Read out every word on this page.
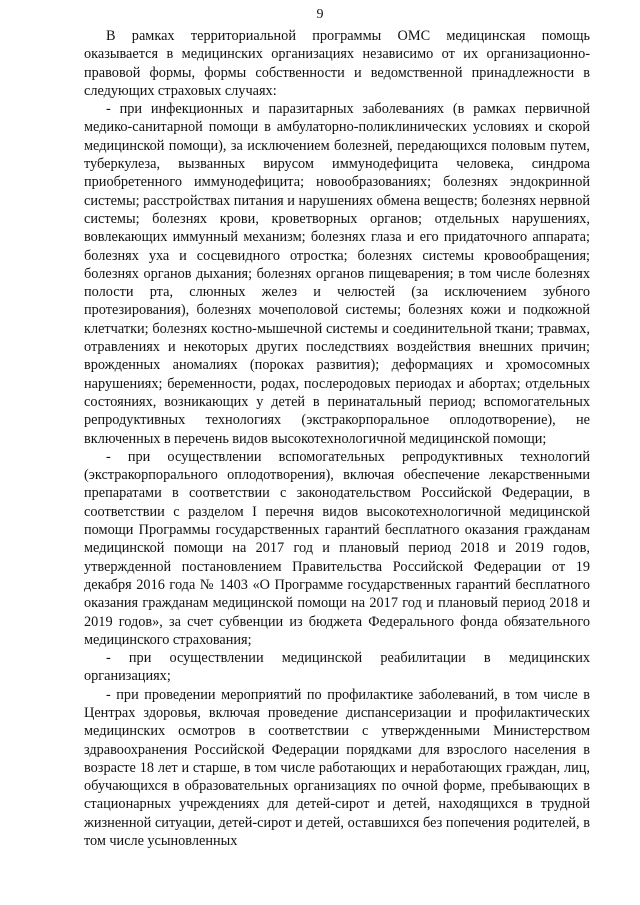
9

В рамках территориальной программы ОМС медицинская помощь оказывается в медицинских организациях независимо от их организационно-правовой формы, формы собственности и ведомственной принадлежности в следующих страховых случаях:

- при инфекционных и паразитарных заболеваниях (в рамках первичной медико-санитарной помощи в амбулаторно-поликлинических условиях и скорой медицинской помощи), за исключением болезней, передающихся половым путем, туберкулеза, вызванных вирусом иммунодефицита человека, синдрома приобретенного иммунодефицита; новообразованиях; болезнях эндокринной системы; расстройствах питания и нарушениях обмена веществ; болезнях нервной системы; болезнях крови, кроветворных органов; отдельных нарушениях, вовлекающих иммунный механизм; болезнях глаза и его придаточного аппарата; болезнях уха и сосцевидного отростка; болезнях системы кровообращения; болезнях органов дыхания; болезнях органов пищеварения; в том числе болезнях полости рта, слюнных желез и челюстей (за исключением зубного протезирования), болезнях мочеполовой системы; болезнях кожи и подкожной клетчатки; болезнях костно-мышечной системы и соединительной ткани; травмах, отравлениях и некоторых других последствиях воздействия внешних причин; врожденных аномалиях (пороках развития); деформациях и хромосомных нарушениях; беременности, родах, послеродовых периодах и абортах; отдельных состояниях, возникающих у детей в перинатальный период; вспомогательных репродуктивных технологиях (экстракорпоральное оплодотворение), не включенных в перечень видов высокотехнологичной медицинской помощи;

- при осуществлении вспомогательных репродуктивных технологий (экстракорпорального оплодотворения), включая обеспечение лекарственными препаратами в соответствии с законодательством Российской Федерации, в соответствии с разделом I перечня видов высокотехнологичной медицинской помощи Программы государственных гарантий бесплатного оказания гражданам медицинской помощи на 2017 год и плановый период 2018 и 2019 годов, утвержденной постановлением Правительства Российской Федерации от 19 декабря 2016 года № 1403 «О Программе государственных гарантий бесплатного оказания гражданам медицинской помощи на 2017 год и плановый период 2018 и 2019 годов», за счет субвенции из бюджета Федерального фонда обязательного медицинского страхования;

- при осуществлении медицинской реабилитации в медицинских организациях;

- при проведении мероприятий по профилактике заболеваний, в том числе в Центрах здоровья, включая проведение диспансеризации и профилактических медицинских осмотров в соответствии с утвержденными Министерством здравоохранения Российской Федерации порядками для взрослого населения в возрасте 18 лет и старше, в том числе работающих и неработающих граждан, лиц, обучающихся в образовательных организациях по очной форме, пребывающих в стационарных учреждениях для детей-сирот и детей, находящихся в трудной жизненной ситуации, детей-сирот и детей, оставшихся без попечения родителей, в том числе усыновленных
